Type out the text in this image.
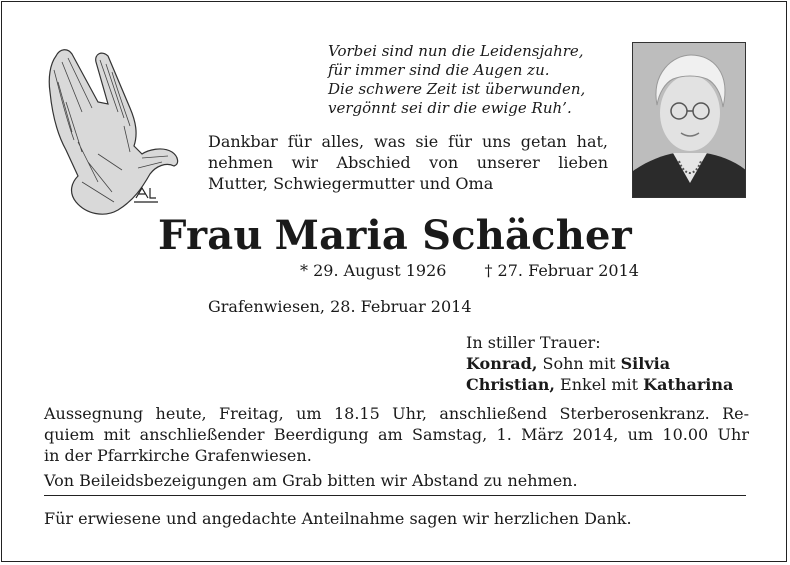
Vorbei sind nun die Leidensjahre,
für immer sind die Augen zu.
Die schwere Zeit ist überwunden,
vergönnt sei dir die ewige Ruh’.
Dankbar für alles, was sie für uns getan hat,
nehmen wir Abschied von unserer lieben
Mutter, Schwiegermutter und Oma
Frau Maria Schächer
* 29. August 1926 † 27. Februar 2014
Grafenwiesen, 28. Februar 2014
In stiller Trauer:
Konrad, Sohn mit Silvia
Christian, Enkel mit Katharina
Aussegnung heute, Freitag, um 18.15 Uhr, anschließend Sterberosenkranz. Re-
quiem mit anschließender Beerdigung am Samstag, 1. März 2014, um 10.00 Uhr
in der Pfarrkirche Grafenwiesen.
Von Beileidsbezeigungen am Grab bitten wir Abstand zu nehmen.
Für erwiesene und angedachte Anteilnahme sagen wir herzlichen Dank.
